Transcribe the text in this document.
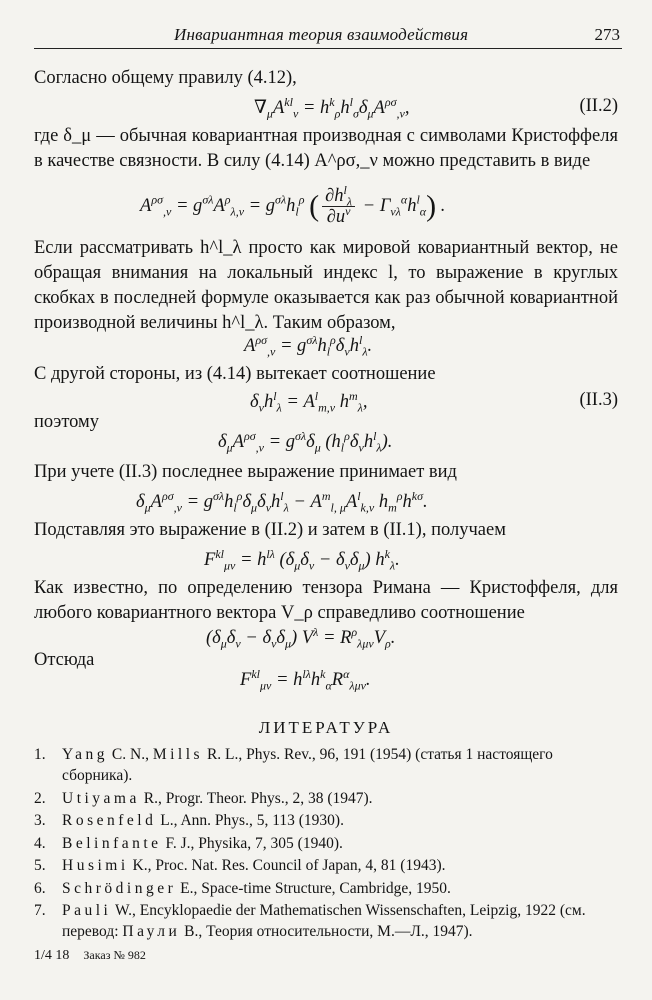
Инвариантная теория взаимодействия	273

Согласно общему правилу (4.12),

$\nabla_\mu A^{kl}_\nu = h^k_\rho h^l_\sigma\delta_\mu A^{\rho\sigma}_{,\nu}$,	(II.2)

где δ_μ — обычная ковариантная производная с символами Кристоффеля в качестве связности. В силу (4.14) A^ρσ,_ν можно представить в виде

$A^{\rho\sigma}_{,\nu} = g^{\sigma\lambda}A^\rho_{\lambda,\nu} = g^{\sigma\lambda}h_l^\rho$ ( $\frac{\partial h^l_\lambda}{\partial u^\nu} - \Gamma_{\nu\lambda}^\alpha h^l_\alpha$) .

Если рассматривать h^l_λ просто как мировой ковариантный вектор, не обращая внимания на локальный индекс l, то выражение в круглых скобках в последней формуле оказывается как раз обычной ковариантной производной величины h^l_λ. Таким образом,

$A^{\rho\sigma}_{,\nu} = g^{\sigma\lambda}h_l^\rho\delta_\nu h^l_\lambda$.

С другой стороны, из (4.14) вытекает соотношение

$\delta_\nu h^l_\lambda = A^l_{m,\nu}$ $h^m_\lambda$,	(II.3)

поэтому

$\delta_\mu A^{\rho\sigma}_{,\nu} = g^{\sigma\lambda}\delta_\mu$ $(h_l^\rho\delta_\nu h^l_\lambda)$.

При учете (II.3) последнее выражение принимает вид

$\delta_\mu A^{\rho\sigma}_{,\nu} = g^{\sigma\lambda}h_l^\rho\delta_\mu\delta_\nu h^l_\lambda - A^m_{l, \mu}A^l_{k,\nu}$ $h_m^\rho h^{k\sigma}$.

Подставляя это выражение в (II.2) и затем в (II.1), получаем

$F^{kl}_{\mu\nu} = h^{l\lambda}$ $(\delta_\mu\delta_\nu - \delta_\nu\delta_\mu)$ $h^k_\lambda$.

Как известно, по определению тензора Римана — Кристоффеля, для любого ковариантного вектора V_ρ справедливо соотношение

$(\delta_\mu\delta_\nu - \delta_\nu\delta_\mu) V^\lambda = R^\rho_{\lambda\mu\nu}V_\rho$.

Отсюда

$F^{kl}_{\mu\nu} = h^{l\lambda}h^k_\alpha R^\alpha_{\lambda\mu\nu}$.
ЛИТЕРАТУРА
1. Yang C. N., Mills R. L., Phys. Rev., 96, 191 (1954) (статья 1 настоящего сборника).
2. Utiyama R., Progr. Theor. Phys., 2, 38 (1947).
3. Rosenfeld L., Ann. Phys., 5, 113 (1930).
4. Belinfante F. J., Physika, 7, 305 (1940).
5. Husimi K., Proc. Nat. Res. Council of Japan, 4, 81 (1943).
6. Schrödinger E., Space-time Structure, Cambridge, 1950.
7. Pauli W., Encyklopaedie der Mathematischen Wissenschaften, Leipzig, 1922 (см. перевод: Паули В., Теория относительности, М.—Л., 1947).
1/4 18 Заказ № 982
